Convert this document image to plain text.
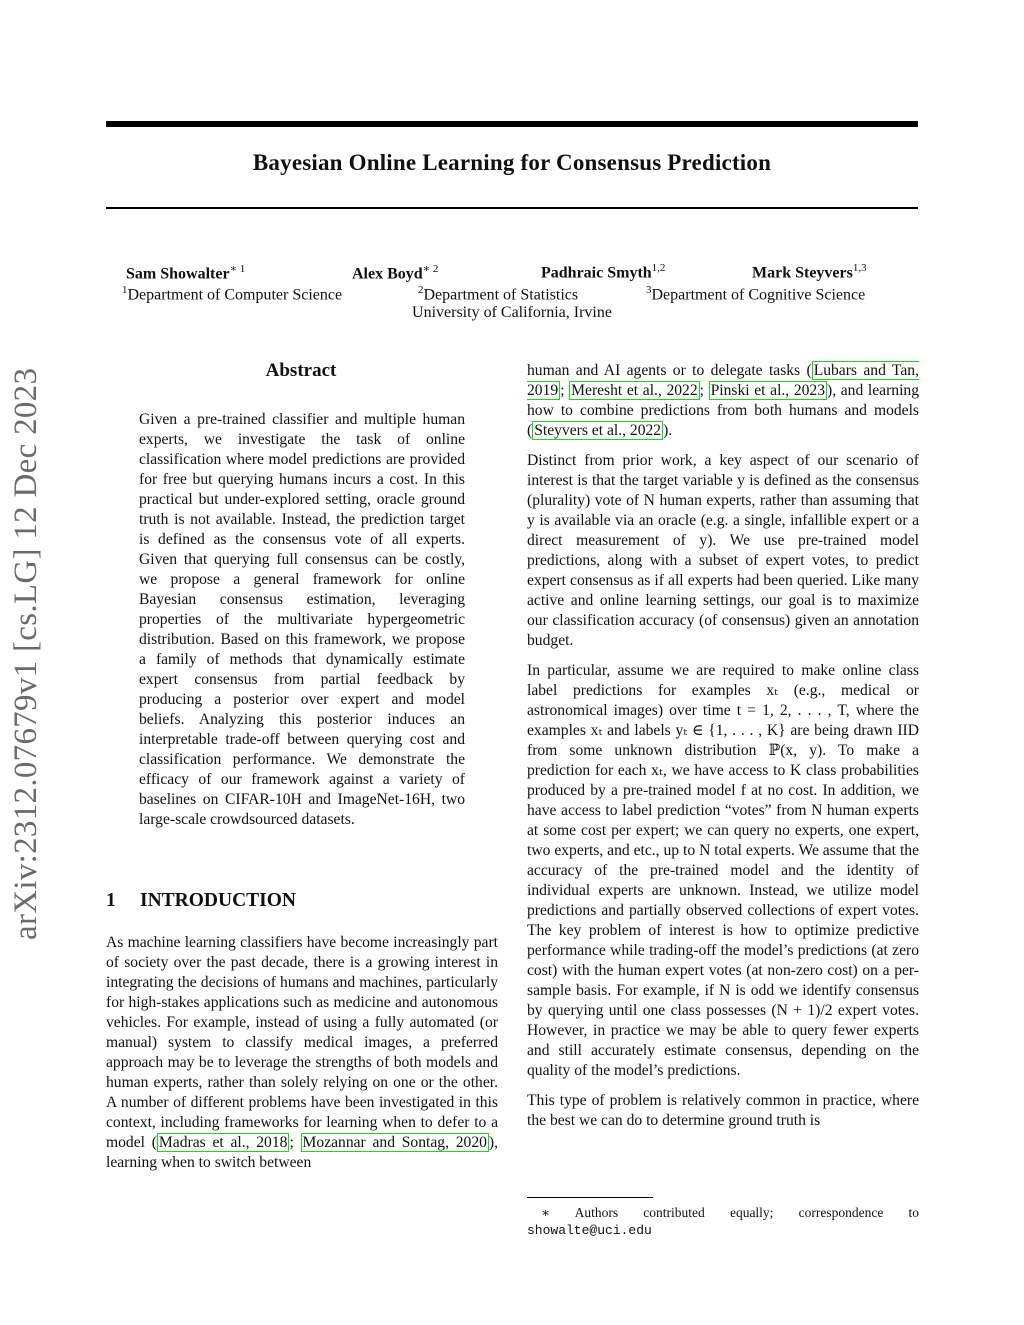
Bayesian Online Learning for Consensus Prediction
Sam Showalter$^{∗ 1}$	Alex Boyd$^{∗ 2}$	Padhraic Smyth$^{1,2}$	Mark Steyvers$^{1,3}$
$^1$Department of Computer Science	$^2$Department of Statistics	$^3$Department of Cognitive Science
University of California, Irvine
arXiv:2312.07679v1 [cs.LG] 12 Dec 2023	Abstract
Given a pre-trained classifier and multiple human experts, we investigate the task of online classification where model predictions are provided for free but querying humans incurs a cost. In this practical but under-explored setting, oracle ground truth is not available. Instead, the prediction target is defined as the consensus vote of all experts. Given that querying full consensus can be costly, we propose a general framework for online Bayesian consensus estimation, leveraging properties of the multivariate hypergeometric distribution. Based on this framework, we propose a family of methods that dynamically estimate expert consensus from partial feedback by producing a posterior over expert and model beliefs. Analyzing this posterior induces an interpretable trade-off between querying cost and classification performance. We demonstrate the efficacy of our framework against a variety of baselines on CIFAR-10H and ImageNet-16H, two large-scale crowdsourced datasets.
1 INTRODUCTION

As machine learning classifiers have become increasingly part of society over the past decade, there is a growing interest in integrating the decisions of humans and machines, particularly for high-stakes applications such as medicine and autonomous vehicles. For example, instead of using a fully automated (or manual) system to classify medical images, a preferred approach may be to leverage the strengths of both models and human experts, rather than solely relying on one or the other. A number of different problems have been investigated in this context, including frameworks for learning when to defer to a model ( Madras et al., 2018 ; Mozannar and Sontag, 2020 ), learning when to switch between

human and AI agents or to delegate tasks ( Lubars and Tan, 2019 ; Meresht et al., 2022 ; Pinski et al., 2023 ), and learning how to combine predictions from both humans and models ( Steyvers et al., 2022 ).

Distinct from prior work, a key aspect of our scenario of interest is that the target variable y is defined as the consensus (plurality) vote of N human experts, rather than assuming that y is available via an oracle (e.g. a single, infallible expert or a direct measurement of y). We use pre-trained model predictions, along with a subset of expert votes, to predict expert consensus as if all experts had been queried. Like many active and online learning settings, our goal is to maximize our classification accuracy (of consensus) given an annotation budget.

In particular, assume we are required to make online class label predictions for examples xₜ (e.g., medical or astronomical images) over time t = 1, 2, . . . , T, where the examples xₜ and labels yₜ ∈ {1, . . . , K} are being drawn IID from some unknown distribution ℙ(x, y). To make a prediction for each xₜ, we have access to K class probabilities produced by a pre-trained model f at no cost. In addition, we have access to label prediction “votes” from N human experts at some cost per expert; we can query no experts, one expert, two experts, and etc., up to N total experts. We assume that the accuracy of the pre-trained model and the identity of individual experts are unknown. Instead, we utilize model predictions and partially observed collections of expert votes. The key problem of interest is how to optimize predictive performance while trading-off the model’s predictions (at zero cost) with the human expert votes (at non-zero cost) on a per-sample basis. For example, if N is odd we identify consensus by querying until one class possesses (N + 1)/2 expert votes. However, in practice we may be able to query fewer experts and still accurately estimate consensus, depending on the quality of the model’s predictions.

This type of problem is relatively common in practice, where the best we can do to determine ground truth is

∗ Authors contributed equally; correspondence to showalte@uci.edu
